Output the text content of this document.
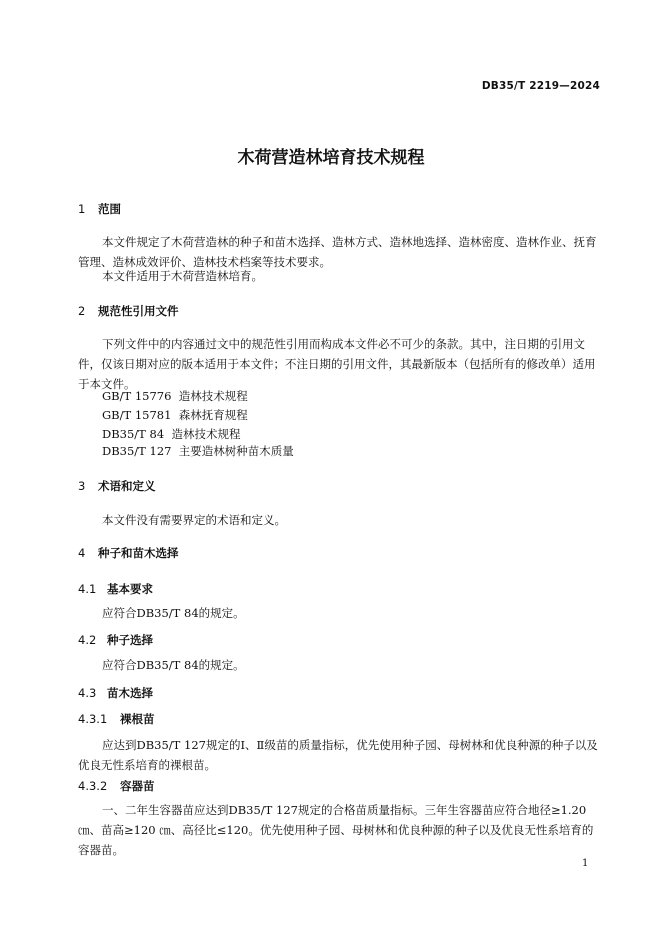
DB35/T 2219—2024
木荷营造林培育技术规程
1 范围
本文件规定了木荷营造林的种子和苗木选择、造林方式、造林地选择、造林密度、造林作业、抚育管理、造林成效评价、造林技术档案等技术要求。
本文件适用于木荷营造林培育。
2 规范性引用文件
下列文件中的内容通过文中的规范性引用而构成本文件必不可少的条款。其中，注日期的引用文件，仅该日期对应的版本适用于本文件；不注日期的引用文件，其最新版本（包括所有的修改单）适用于本文件。
GB/T 15776  造林技术规程
GB/T 15781  森林抚育规程
DB35/T 84  造林技术规程
DB35/T 127  主要造林树种苗木质量
3 术语和定义
本文件没有需要界定的术语和定义。
4 种子和苗木选择
4.1 基本要求
应符合DB35/T 84的规定。
4.2 种子选择
应符合DB35/T 84的规定。
4.3 苗木选择
4.3.1 裸根苗
应达到DB35/T 127规定的Ⅰ、Ⅱ级苗的质量指标，优先使用种子园、母树林和优良种源的种子以及优良无性系培育的裸根苗。
4.3.2 容器苗
一、二年生容器苗应达到DB35/T 127规定的合格苗质量指标。三年生容器苗应符合地径≥1.20 ㎝、苗高≥120 ㎝、高径比≤120。优先使用种子园、母树林和优良种源的种子以及优良无性系培育的容器苗。
1
